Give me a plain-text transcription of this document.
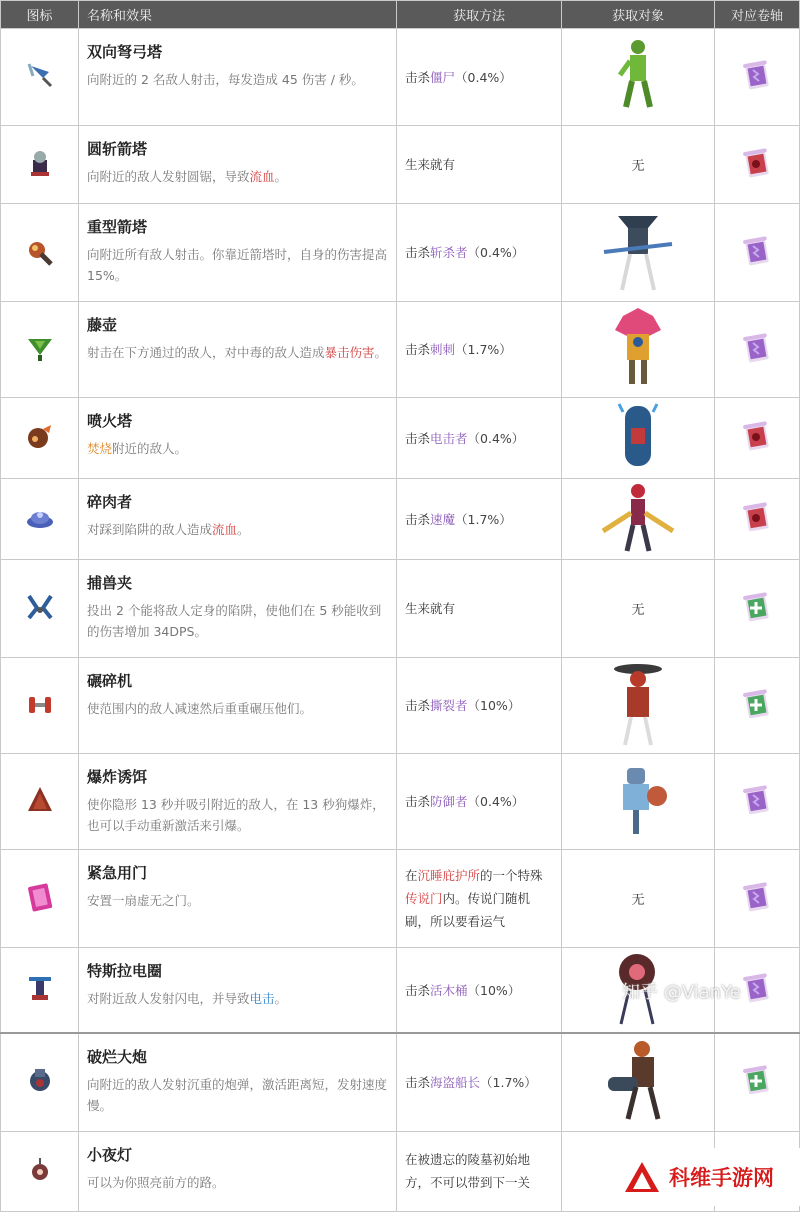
图标	名称和效果	获取方法	获取对象	对应卷轴

双向弩弓塔
向附近的 2 名敌人射击，每发造成 45 伤害 / 秒。	击杀僵尸（0.4%）		

圆斩箭塔
向附近的敌人发射圆锯，导致流血。	生来就有	无	

重型箭塔
向附近所有敌人射击。你靠近箭塔时，自身的伤害提高 15%。	击杀斩杀者（0.4%）		

藤壶
射击在下方通过的敌人，对中毒的敌人造成暴击伤害。	击杀刺刺（1.7%）		

喷火塔
焚烧附近的敌人。	击杀电击者（0.4%）		

碎肉者
对踩到陷阱的敌人造成流血。	击杀速魔（1.7%）		

捕兽夹
投出 2 个能将敌人定身的陷阱，使他们在 5 秒能收到的伤害增加 34DPS。	生来就有	无	

碾碎机
使范围内的敌人减速然后重重碾压他们。	击杀撕裂者（10%）		

爆炸诱饵
使你隐形 13 秒并吸引附近的敌人，在 13 秒狗爆炸，也可以手动重新激活来引爆。	击杀防御者（0.4%）		

紧急用门
安置一扇虚无之门。	在沉睡庇护所的一个特殊传说门内。传说门随机刷，所以要看运气	无	

特斯拉电圈
对附近敌人发射闪电，并导致电击。	击杀活木桶（10%）		

破烂大炮
向附近的敌人发射沉重的炮弹，激活距离短，发射速度慢。	击杀海盗船长（1.7%）		

小夜灯
可以为你照亮前方的路。	在被遗忘的陵墓初始地方，不可以带到下一关		
知乎 @VianYe
科维手游网
